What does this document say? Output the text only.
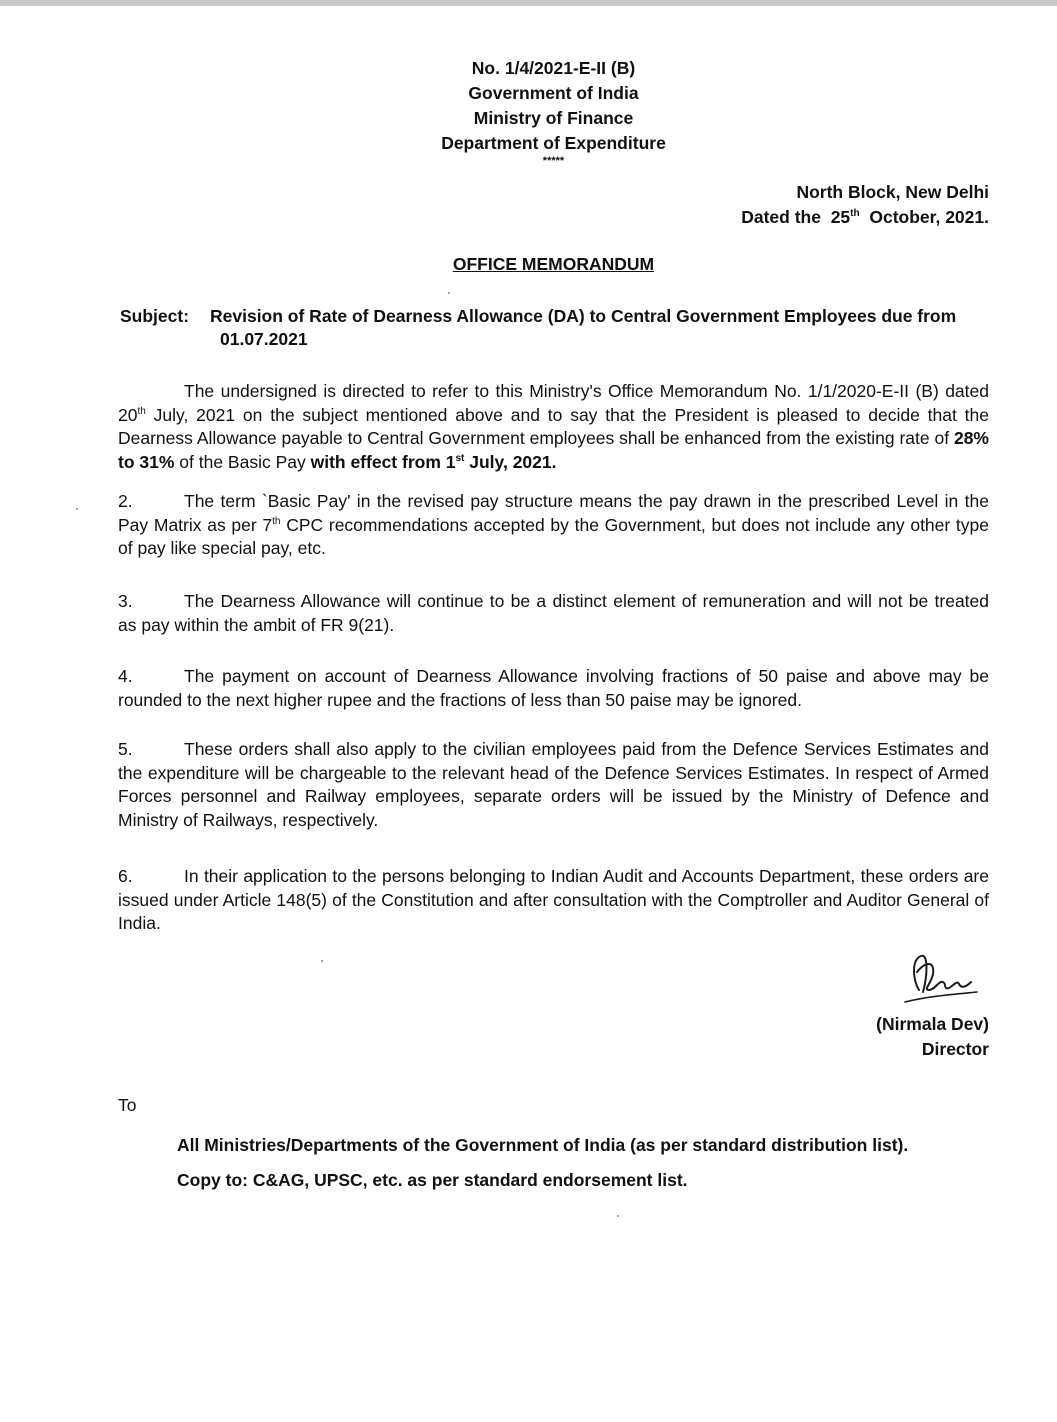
No. 1/4/2021-E-II (B)
Government of India
Ministry of Finance
Department of Expenditure
*****
North Block, New Delhi
Dated the 25th October, 2021.
OFFICE MEMORANDUM
Subject: Revision of Rate of Dearness Allowance (DA) to Central Government Employees due from
01.07.2021

The undersigned is directed to refer to this Ministry's Office Memorandum No. 1/1/2020-E-II (B) dated 20th July, 2021 on the subject mentioned above and to say that the President is pleased to decide that the Dearness Allowance payable to Central Government employees shall be enhanced from the existing rate of 28% to 31% of the Basic Pay with effect from 1st July, 2021.

2.	The term `Basic Pay' in the revised pay structure means the pay drawn in the prescribed Level in the Pay Matrix as per 7th CPC recommendations accepted by the Government, but does not include any other type of pay like special pay, etc.

3.	The Dearness Allowance will continue to be a distinct element of remuneration and will not be treated as pay within the ambit of FR 9(21).

4.	The payment on account of Dearness Allowance involving fractions of 50 paise and above may be rounded to the next higher rupee and the fractions of less than 50 paise may be ignored.

5.	These orders shall also apply to the civilian employees paid from the Defence Services Estimates and the expenditure will be chargeable to the relevant head of the Defence Services Estimates. In respect of Armed Forces personnel and Railway employees, separate orders will be issued by the Ministry of Defence and Ministry of Railways, respectively.

6.	In their application to the persons belonging to Indian Audit and Accounts Department, these orders are issued under Article 148(5) of the Constitution and after consultation with the Comptroller and Auditor General of India.

(Nirmala Dev)
Director
To
All Ministries/Departments of the Government of India (as per standard distribution list).
Copy to: C&AG, UPSC, etc. as per standard endorsement list.
